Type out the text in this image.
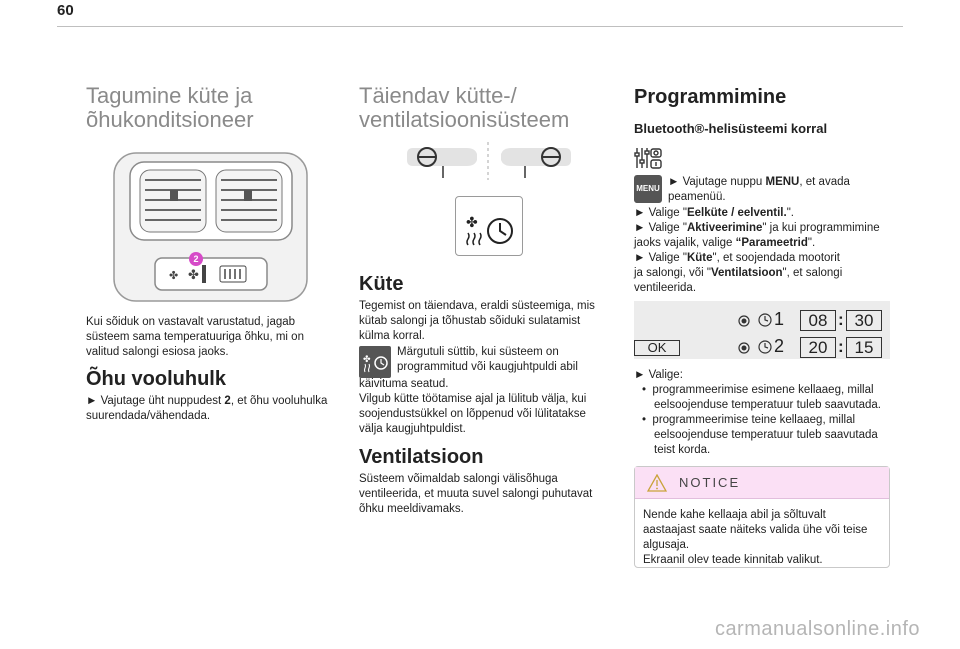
60
Tagumine küte ja
õhukonditsioneer
✤ ✤
2

Kui sõiduk on vastavalt varustatud, jagab

süsteem sama temperatuuriga õhku, mi on

valitud salongi esiosa jaoks.

Õhu vooluhulk

► Vajutage üht nuppudest 2, et õhu vooluhulka

suurendada/vähendada.

Täiendav kütte-/
ventilatsioonisüsteem
✤
Küte

Tegemist on täiendava, eraldi süsteemiga, mis

kütab salongi ja tõhustab sõiduki sulatamist

külma korral.

✤

Märgutuli süttib, kui süsteem on

programmitud või kaugjuhtpuldi abil

käivituma seatud.

Vilgub kütte töötamise ajal ja lülitub välja, kui

soojendustsükkel on lõppenud või lülitatakse

välja kaugjuhtpuldist.

Ventilatsioon

Süsteem võimaldab salongi välisõhuga

ventileerida, et muuta suvel salongi puhutavat

õhku meeldivamaks.

Programmimine
Bluetooth®-helisüsteemi korral
MENU

► Vajutage nuppu MENU, et avada

peamenüü.

► Valige "Eelküte / eelventil.".

► Valige "Aktiveerimine" ja kui programmimine

jaoks vajalik, valige “Parameetrid".

► Valige "Küte", et soojendada mootorit

ja salongi, või "Ventilatsioon", et salongi

ventileerida.

OK
1	08 : 30
2	20 : 15

► Valige:

•  programmeerimise esimene kellaaeg, millal

eelsoojenduse temperatuur tuleb saavutada.

•  programmeerimise teine kellaaeg, millal

eelsoojenduse temperatuur tuleb saavutada

teist korda.

NOTICE

Nende kahe kellaaja abil ja sõltuvalt

aastaajast saate näiteks valida ühe või teise

algusaja.

Ekraanil olev teade kinnitab valikut.

carmanualsonline.info
